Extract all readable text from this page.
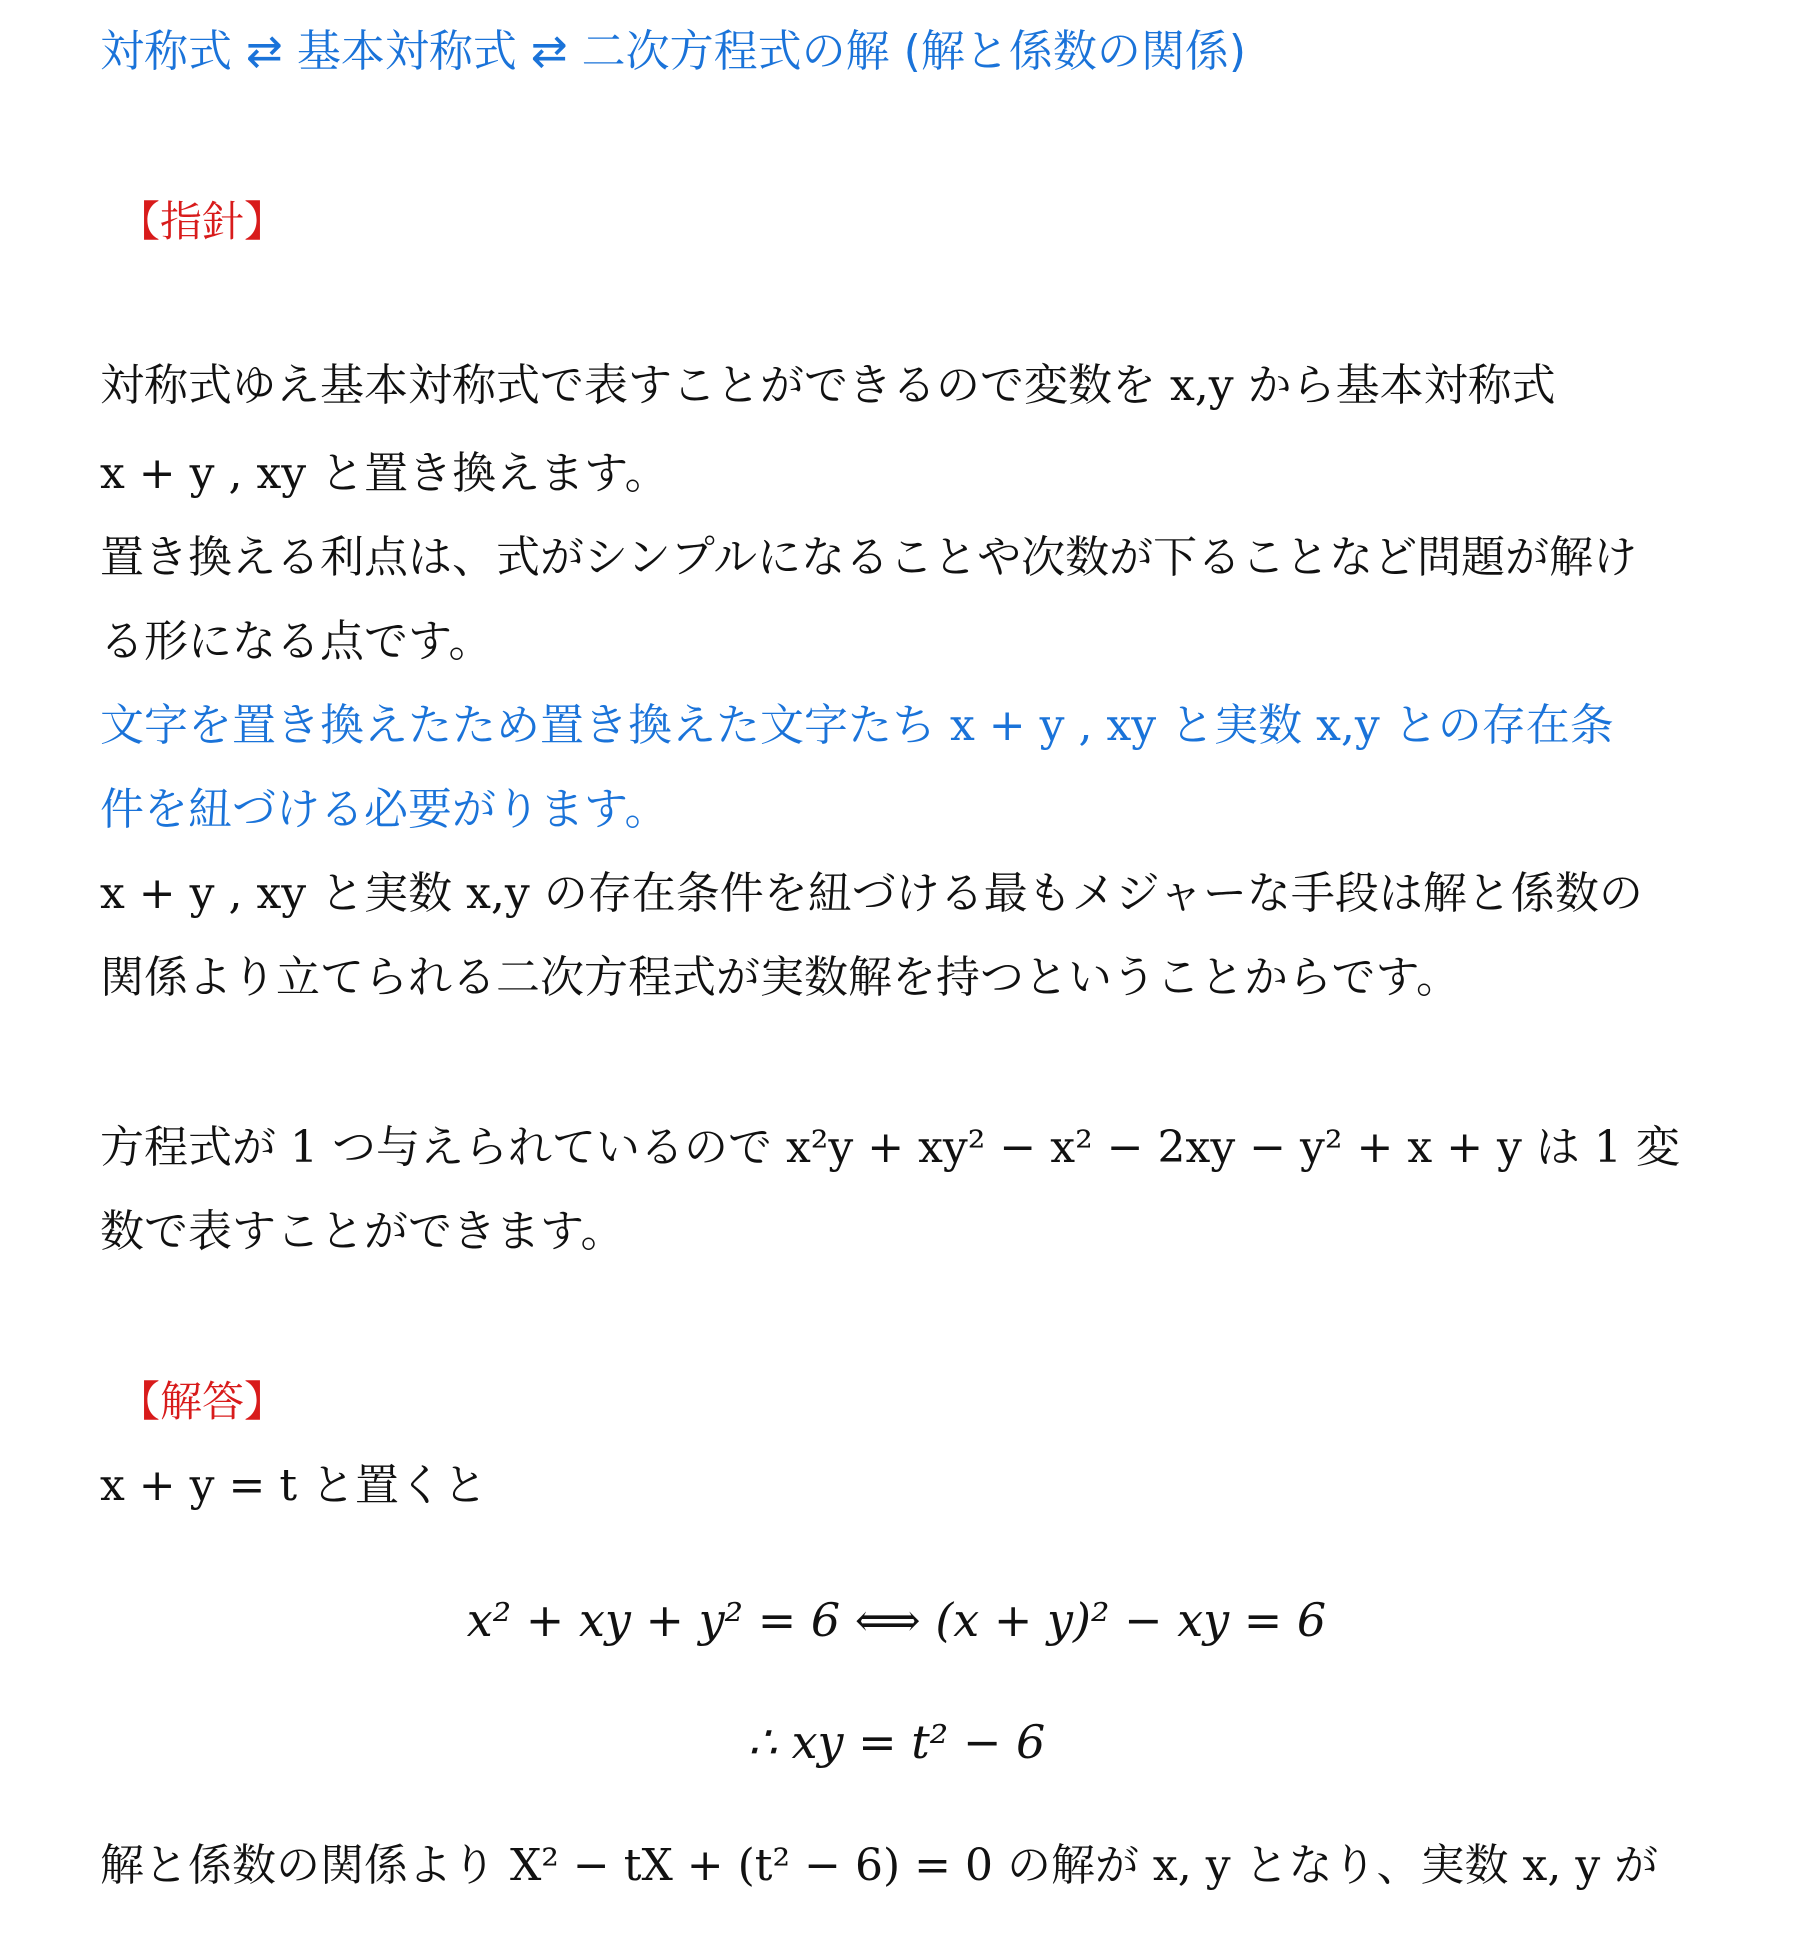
対称式 ⇄ 基本対称式 ⇄ 二次方程式の解 (解と係数の関係)
【指針】
対称式ゆえ基本対称式で表すことができるので変数を x,y から基本対称式
x + y , xy と置き換えます。
置き換える利点は、式がシンプルになることや次数が下ることなど問題が解け
る形になる点です。
文字を置き換えたため置き換えた文字たち x + y , xy と実数 x,y との存在条
件を紐づける必要がります。
x + y , xy と実数 x,y の存在条件を紐づける最もメジャーな手段は解と係数の
関係より立てられる二次方程式が実数解を持つということからです。
方程式が 1 つ与えられているので x²y + xy² − x² − 2xy − y² + x + y は 1 変
数で表すことができます。
【解答】
x + y = t と置くと
x² + xy + y² = 6 ⟺ (x + y)² − xy = 6
∴ xy = t² − 6
解と係数の関係より X² − tX + (t² − 6) = 0 の解が x, y となり、実数 x, y が
